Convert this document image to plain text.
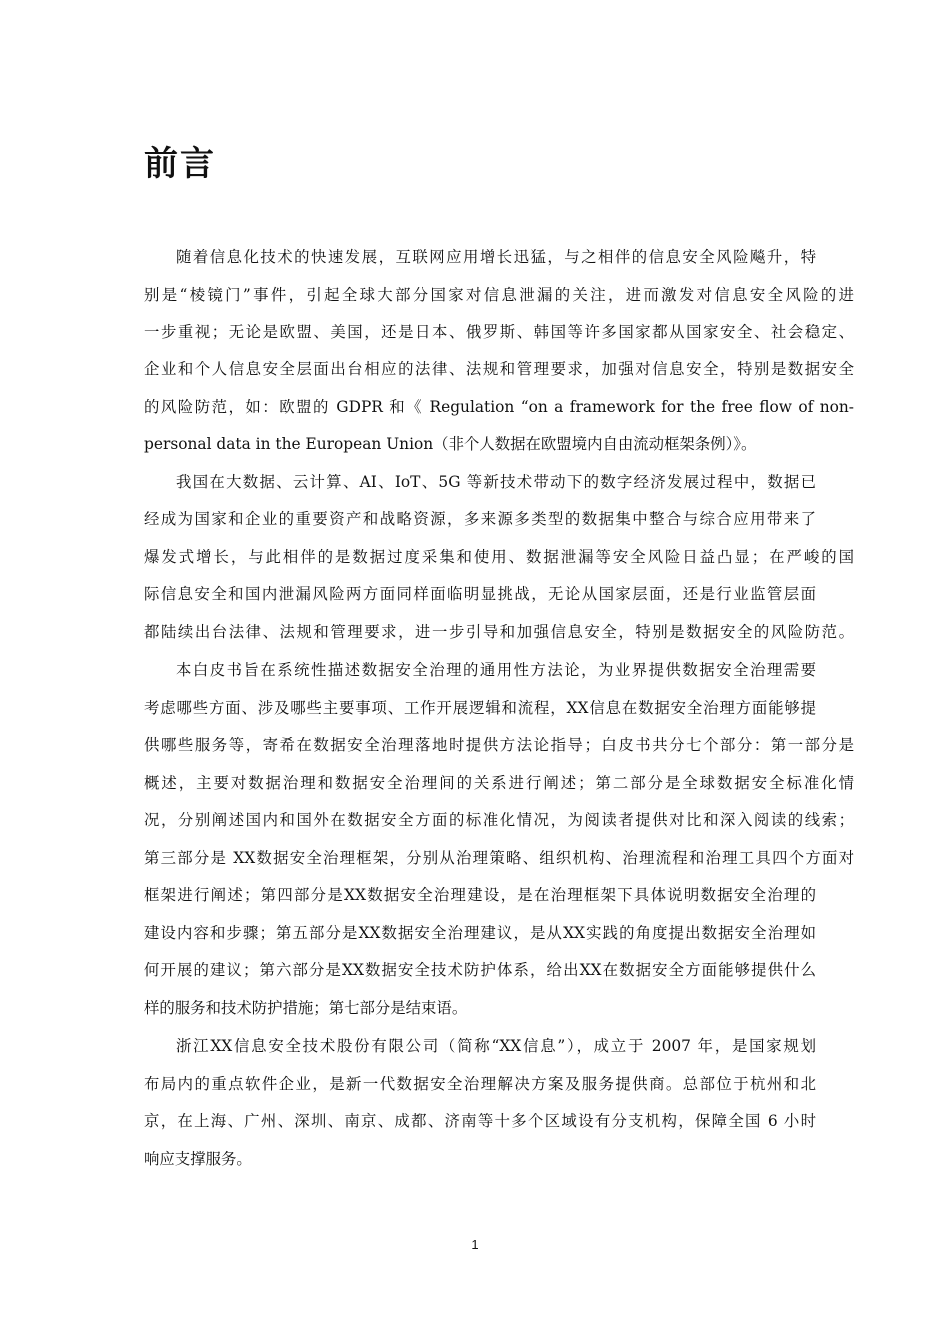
前言

随着信息化技术的快速发展，互联网应用增长迅猛，与之相伴的信息安全风险飚升，特

别是“棱镜门”事件，引起全球大部分国家对信息泄漏的关注，进而激发对信息安全风险的进

一步重视；无论是欧盟、美国，还是日本、俄罗斯、韩国等许多国家都从国家安全、社会稳定、

企业和个人信息安全层面出台相应的法律、法规和管理要求，加强对信息安全，特别是数据安全

的风险防范，如：欧盟的 GDPR 和《 Regulation “on a framework for the free flow of non-

personal data in the European Union（非个人数据在欧盟境内自由流动框架条例）》。

我国在大数据、云计算、AI、IoT、5G 等新技术带动下的数字经济发展过程中，数据已

经成为国家和企业的重要资产和战略资源，多来源多类型的数据集中整合与综合应用带来了

爆发式增长，与此相伴的是数据过度采集和使用、数据泄漏等安全风险日益凸显；在严峻的国

际信息安全和国内泄漏风险两方面同样面临明显挑战，无论从国家层面，还是行业监管层面

都陆续出台法律、法规和管理要求，进一步引导和加强信息安全，特别是数据安全的风险防范。

本白皮书旨在系统性描述数据安全治理的通用性方法论，为业界提供数据安全治理需要

考虑哪些方面、涉及哪些主要事项、工作开展逻辑和流程，XX信息在数据安全治理方面能够提

供哪些服务等，寄希在数据安全治理落地时提供方法论指导；白皮书共分七个部分：第一部分是

概述，主要对数据治理和数据安全治理间的关系进行阐述；第二部分是全球数据安全标准化情

况，分别阐述国内和国外在数据安全方面的标准化情况，为阅读者提供对比和深入阅读的线索；

第三部分是 XX数据安全治理框架，分别从治理策略、组织机构、治理流程和治理工具四个方面对

框架进行阐述；第四部分是XX数据安全治理建设，是在治理框架下具体说明数据安全治理的

建设内容和步骤；第五部分是XX数据安全治理建议，是从XX实践的角度提出数据安全治理如

何开展的建议；第六部分是XX数据安全技术防护体系，给出XX在数据安全方面能够提供什么

样的服务和技术防护措施；第七部分是结束语。

浙江XX信息安全技术股份有限公司（简称“XX信息”），成立于 2007 年，是国家规划

布局内的重点软件企业，是新一代数据安全治理解决方案及服务提供商。总部位于杭州和北

京，在上海、广州、深圳、南京、成都、济南等十多个区域设有分支机构，保障全国 6 小时

响应支撑服务。

1
